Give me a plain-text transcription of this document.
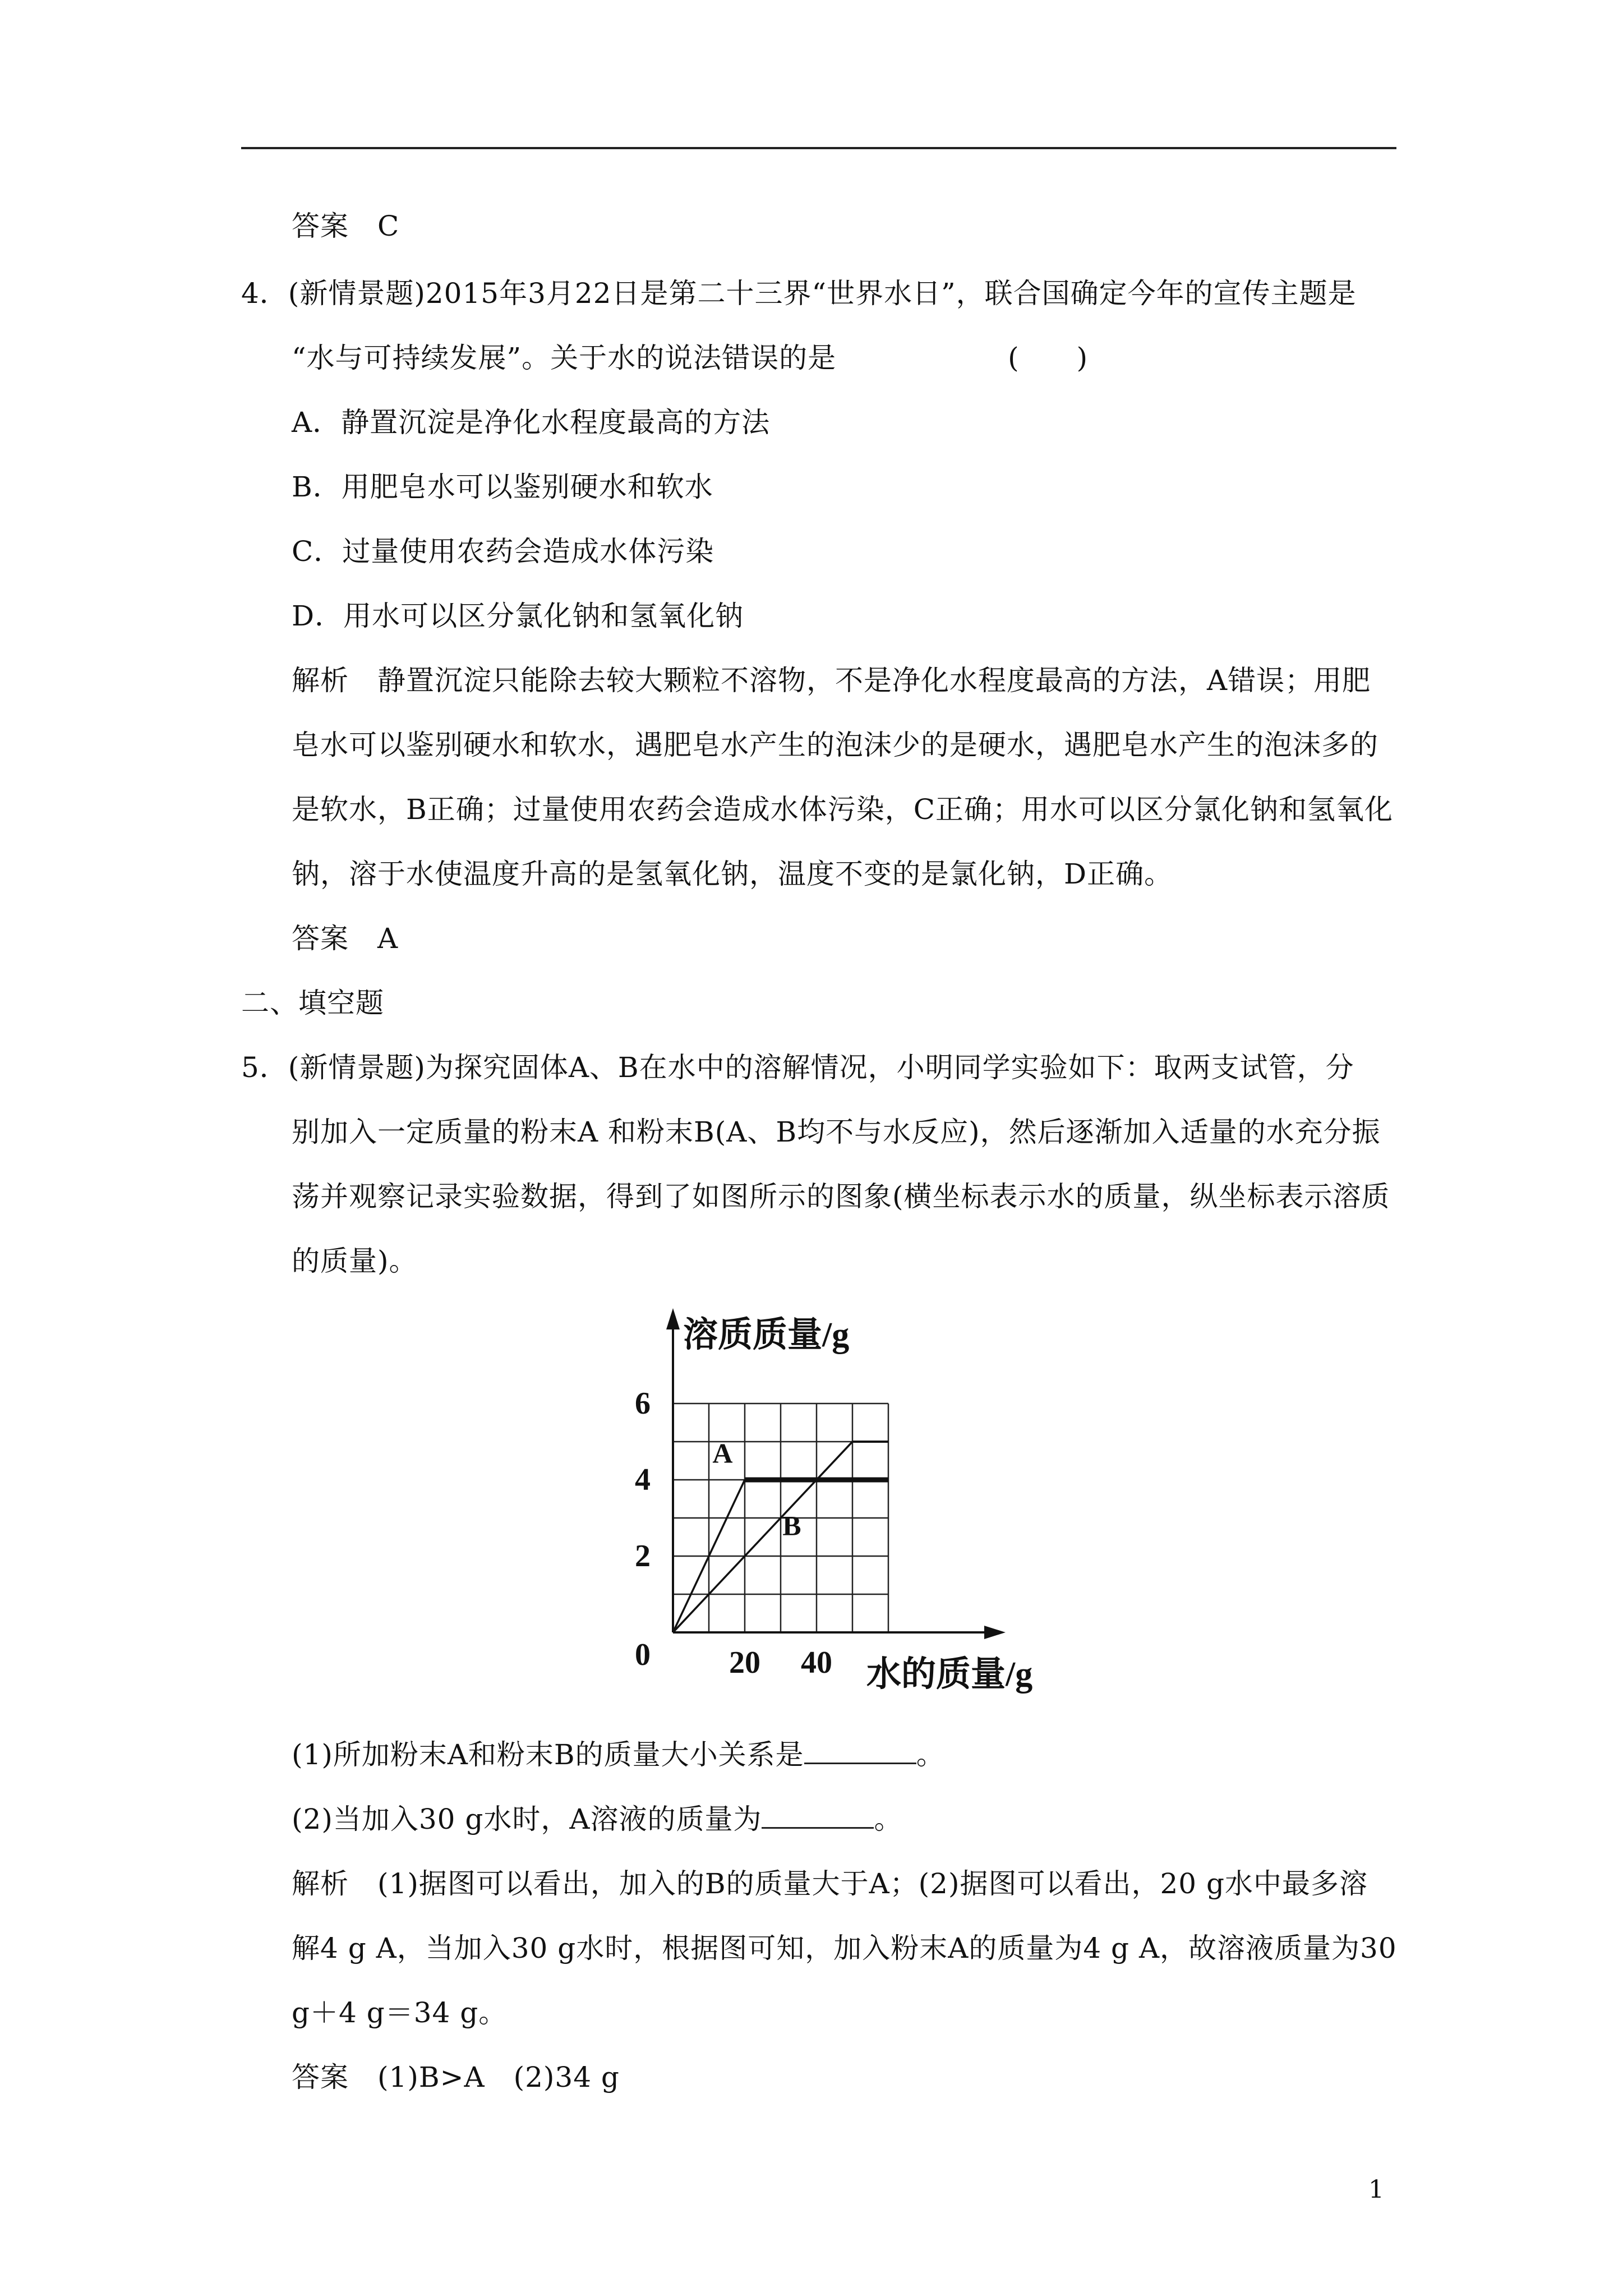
答案　C
4．(新情景题)2015年3月22日是第二十三界“世界水日”，联合国确定今年的宣传主题是
“水与可持续发展”。关于水的说法错误的是　　　　　　(　　)
A．静置沉淀是净化水程度最高的方法
B．用肥皂水可以鉴别硬水和软水
C．过量使用农药会造成水体污染
D．用水可以区分氯化钠和氢氧化钠
解析　静置沉淀只能除去较大颗粒不溶物，不是净化水程度最高的方法，A错误；用肥
皂水可以鉴别硬水和软水，遇肥皂水产生的泡沫少的是硬水，遇肥皂水产生的泡沫多的
是软水，B正确；过量使用农药会造成水体污染，C正确；用水可以区分氯化钠和氢氧化
钠，溶于水使温度升高的是氢氧化钠，温度不变的是氯化钠，D正确。
答案　A
二、填空题
5．(新情景题)为探究固体A、B在水中的溶解情况，小明同学实验如下：取两支试管，分
别加入一定质量的粉末A 和粉末B(A、B均不与水反应)，然后逐渐加入适量的水充分振
荡并观察记录实验数据，得到了如图所示的图象(横坐标表示水的质量，纵坐标表示溶质
的质量)。
A
B
2
4
6
20 40
0
溶质质量/g
水的质量/g
(1)所加粉末A和粉末B的质量大小关系是	。
(2)当加入30 g水时，A溶液的质量为	。
解析　(1)据图可以看出，加入的B的质量大于A；(2)据图可以看出，20 g水中最多溶
解4 g A，当加入30 g水时，根据图可知，加入粉末A的质量为4 g A，故溶液质量为30
g＋4 g＝34 g。
答案　(1)B>A　(2)34 g
1
